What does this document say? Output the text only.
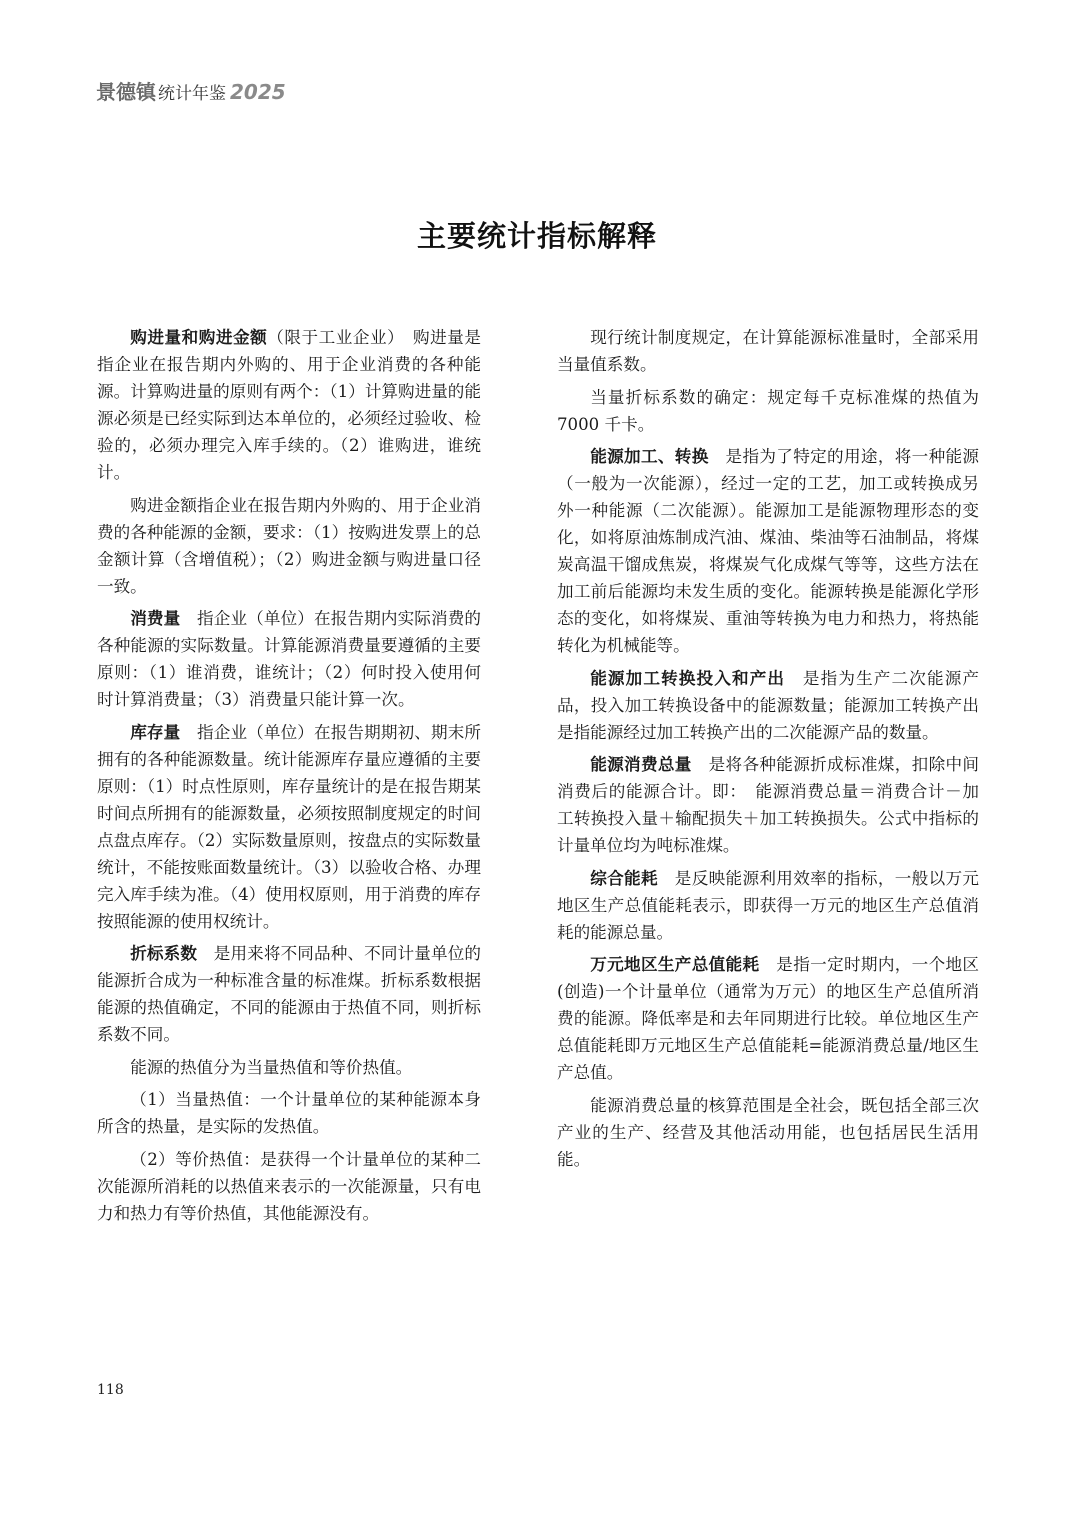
景德镇 统计年鉴 2025
主要统计指标解释

购进量和购进金额（限于工业企业）　购进量是指企业在报告期内外购的、用于企业消费的各种能源。计算购进量的原则有两个：（1）计算购进量的能源必须是已经实际到达本单位的，必须经过验收、检验的，必须办理完入库手续的。（2）谁购进，谁统计。

购进金额指企业在报告期内外购的、用于企业消费的各种能源的金额，要求：（1）按购进发票上的总金额计算（含增值税）；（2）购进金额与购进量口径一致。

消费量　指企业（单位）在报告期内实际消费的各种能源的实际数量。计算能源消费量要遵循的主要原则：（1）谁消费，谁统计；（2）何时投入使用何时计算消费量；（3）消费量只能计算一次。

库存量　指企业（单位）在报告期期初、期末所拥有的各种能源数量。统计能源库存量应遵循的主要原则：（1）时点性原则，库存量统计的是在报告期某时间点所拥有的能源数量，必须按照制度规定的时间点盘点库存。（2）实际数量原则，按盘点的实际数量统计，不能按账面数量统计。（3）以验收合格、办理完入库手续为准。（4）使用权原则，用于消费的库存按照能源的使用权统计。

折标系数　是用来将不同品种、不同计量单位的能源折合成为一种标准含量的标准煤。折标系数根据能源的热值确定，不同的能源由于热值不同，则折标系数不同。

能源的热值分为当量热值和等价热值。

（1）当量热值：一个计量单位的某种能源本身所含的热量，是实际的发热值。

（2）等价热值：是获得一个计量单位的某种二次能源所消耗的以热值来表示的一次能源量，只有电力和热力有等价热值，其他能源没有。

现行统计制度规定，在计算能源标准量时，全部采用当量值系数。

当量折标系数的确定：规定每千克标准煤的热值为 7000 千卡。

能源加工、转换　是指为了特定的用途，将一种能源（一般为一次能源），经过一定的工艺，加工或转换成另外一种能源（二次能源）。能源加工是能源物理形态的变化，如将原油炼制成汽油、煤油、柴油等石油制品，将煤炭高温干馏成焦炭，将煤炭气化成煤气等等，这些方法在加工前后能源均未发生质的变化。能源转换是能源化学形态的变化，如将煤炭、重油等转换为电力和热力，将热能转化为机械能等。

能源加工转换投入和产出　是指为生产二次能源产品，投入加工转换设备中的能源数量；能源加工转换产出是指能源经过加工转换产出的二次能源产品的数量。

能源消费总量　是将各种能源折成标准煤，扣除中间消费后的能源合计。即：　能源消费总量＝消费合计－加工转换投入量＋输配损失＋加工转换损失。公式中指标的计量单位均为吨标准煤。

综合能耗　是反映能源利用效率的指标，一般以万元地区生产总值能耗表示，即获得一万元的地区生产总值消耗的能源总量。

万元地区生产总值能耗　是指一定时期内，一个地区(创造)一个计量单位（通常为万元）的地区生产总值所消费的能源。降低率是和去年同期进行比较。单位地区生产总值能耗即万元地区生产总值能耗=能源消费总量/地区生产总值。

能源消费总量的核算范围是全社会，既包括全部三次产业的生产、经营及其他活动用能，也包括居民生活用能。

118
